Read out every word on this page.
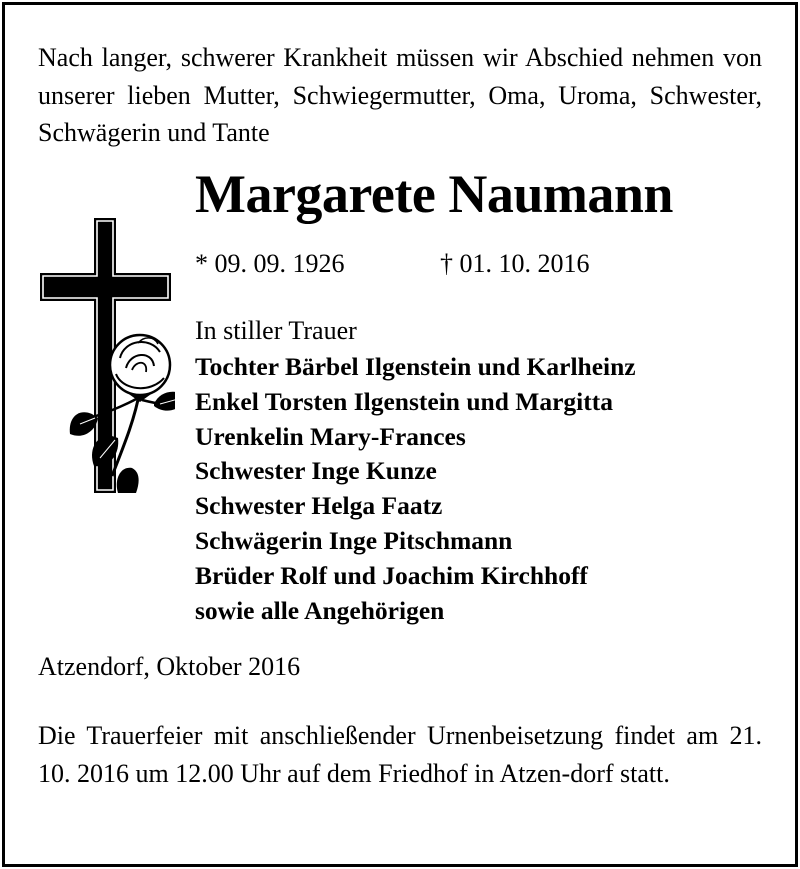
Nach langer, schwerer Krankheit müssen wir Abschied nehmen von unserer lieben Mutter, Schwiegermutter, Oma, Uroma, Schwester, Schwägerin und Tante

Margarete Naumann
* 09. 09. 1926	† 01. 10. 2016
In stiller Trauer
Tochter Bärbel Ilgenstein und Karlheinz
Enkel Torsten Ilgenstein und Margitta
Urenkelin Mary-Frances
Schwester Inge Kunze
Schwester Helga Faatz
Schwägerin Inge Pitschmann
Brüder Rolf und Joachim Kirchhoff
sowie alle Angehörigen
Atzendorf, Oktober 2016

Die Trauerfeier mit anschließender Urnenbeisetzung findet am 21. 10. 2016 um 12.00 Uhr auf dem Friedhof in Atzen-dorf statt.
